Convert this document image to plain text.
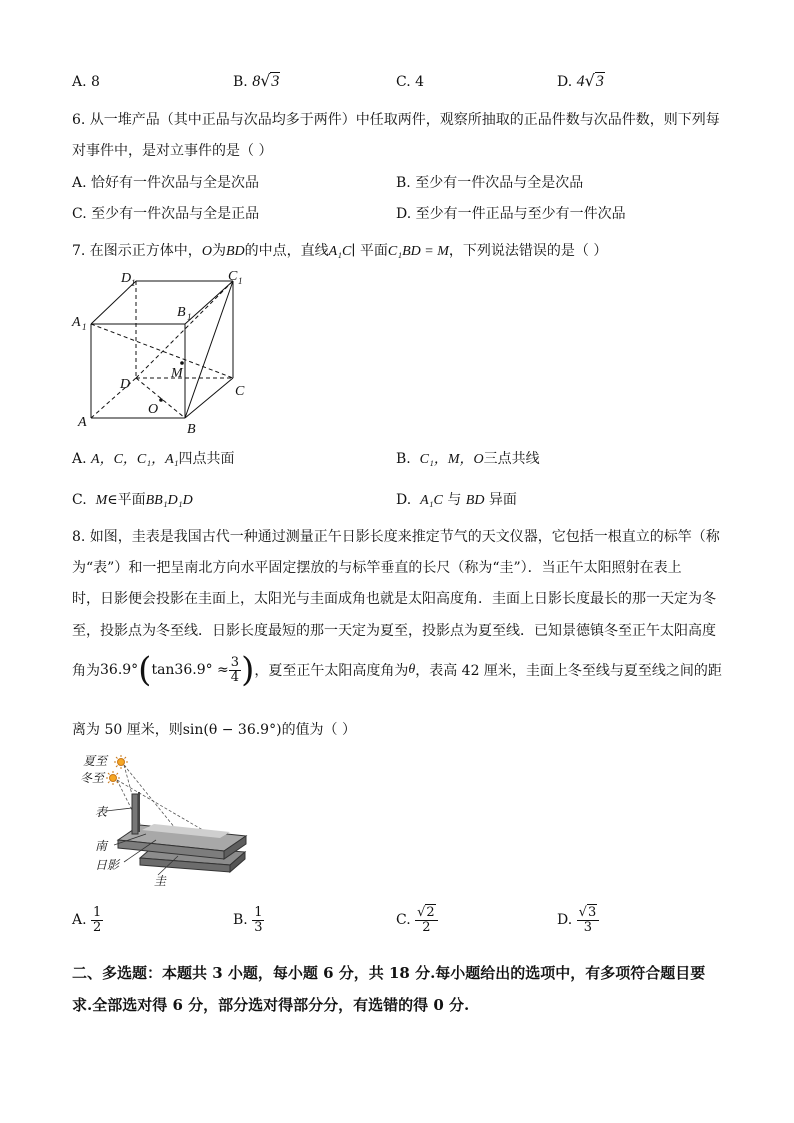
A. 8	B. 8√3	C. 4	D. 4√3
6. 从一堆产品（其中正品与次品均多于两件）中任取两件，观察所抽取的正品件数与次品件数，则下列每
对事件中，是对立事件的是（ ）
A. 恰好有一件次品与全是次品	B. 至少有一件次品与全是次品
C. 至少有一件次品与全是正品	D. 至少有一件正品与至少有一件次品
7. 在图示正方体中，O为BD的中点，直线A₁C∣ 平面C₁BD = M，下列说法错误的是（ ）
D 1	C 1
B 1
A 1
M
D	C
O
A	B
A. A，C，C₁，A₁四点共面	B. C₁，M，O三点共线
C. M∈平面BB₁D₁D	D. A₁C 与 BD 异面
8. 如图，圭表是我国古代一种通过测量正午日影长度来推定节气的天文仪器，它包括一根直立的标竿（称
为“表”）和一把呈南北方向水平固定摆放的与标竿垂直的长尺（称为“圭”）．当正午太阳照射在表上
时，日影便会投影在圭面上，太阳光与圭面成角也就是太阳高度角．圭面上日影长度最长的那一天定为冬
至，投影点为冬至线．日影长度最短的那一天定为夏至，投影点为夏至线．已知景德镇冬至正午太阳高度
角为 36.9° ( $\tan 36.9^\circ \approx \frac{3}{4}$ ) ，夏至正午太阳高度角为 θ ，表高 42 厘米，圭面上冬至线与夏至线之间的距
离为 50 厘米，则sin(θ − 36.9°)的值为（ ）
夏至
冬至
表
南
日影
圭
A.
$\frac{1}{2}$	B.
$\frac{1}{3}$	C.
$\frac{√2}{2}$	D.
$\frac{√3}{3}$
二、多选题：本题共 3 小题，每小题 6 分，共 18 分.每小题给出的选项中，有多项符合题目要
求.全部选对得 6 分，部分选对得部分分，有选错的得 0 分.
